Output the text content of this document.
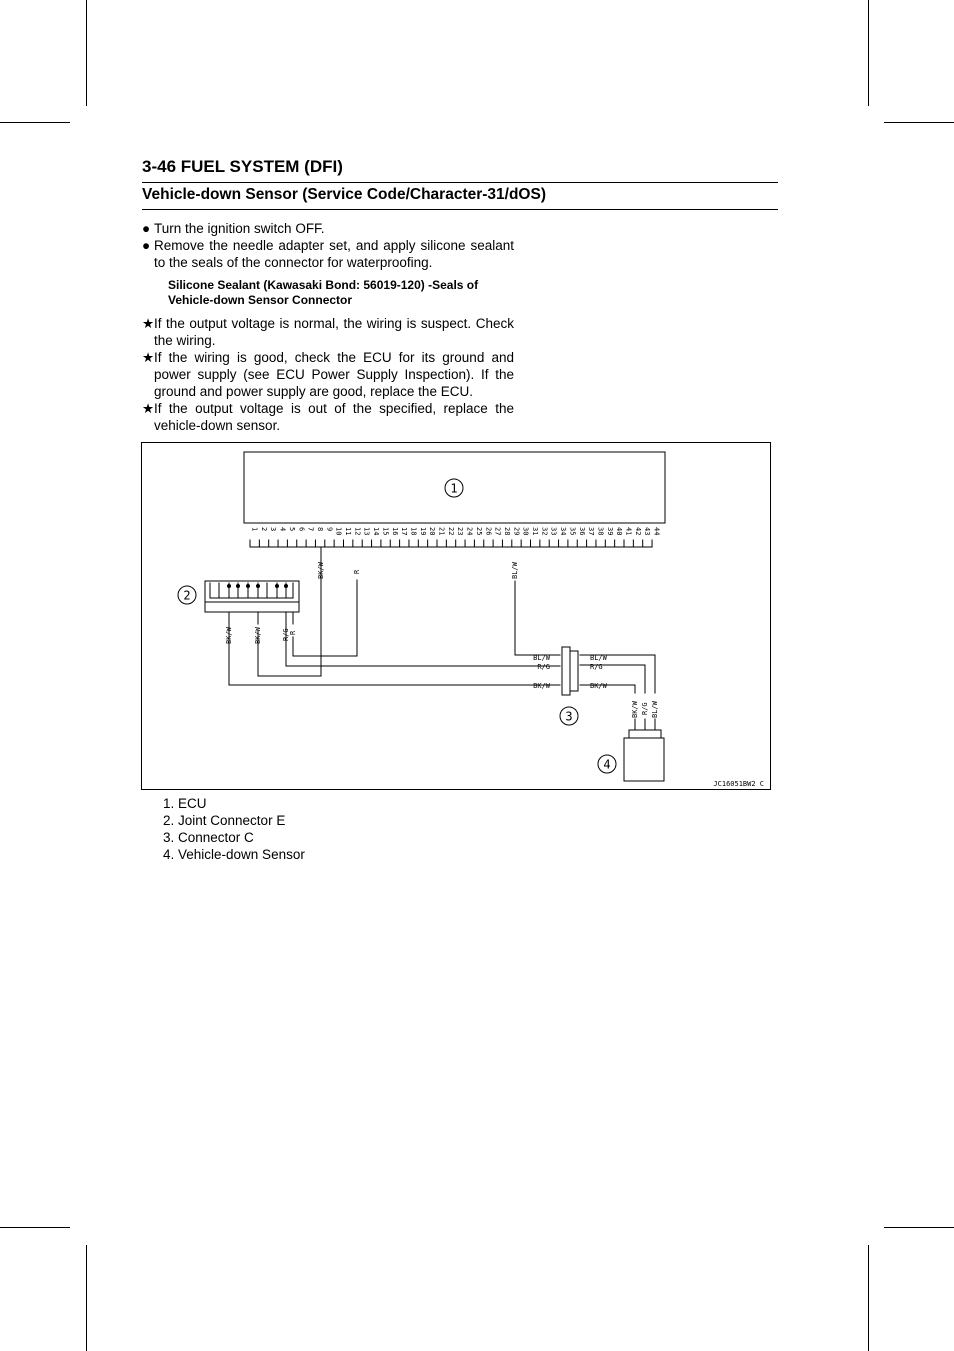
3-46 FUEL SYSTEM (DFI)
Vehicle-down Sensor (Service Code/Character-31/dOS)
● Turn the ignition switch OFF.
● Remove the needle adapter set, and apply silicone sealant to the seals of the connector for waterproofing.
Silicone Sealant (Kawasaki Bond: 56019-120) -Seals of Vehicle-down Sensor Connector
★ If the output voltage is normal, the wiring is suspect. Check the wiring.
★ If the wiring is good, check the ECU for its ground and power supply (see ECU Power Supply Inspection). If the ground and power supply are good, replace the ECU.
★ If the output voltage is out of the specified, replace the vehicle-down sensor.
1
1 2 3 4 5 6 7 8 9 10 11 12 13 14 15 16 17 18 19 20 21 22 23 24 25 26 27 28 29 30 31 32 33 34 35 36 37 38 39 40 41 42 43 44
BK/W	R	BL/W
2
BK/W	BK/W	R/G R
BL/W
R/G
BK/W
BL/W
R/G
BK/W
3	BK/W R/G BL/W
4
JC16051BW2 C
1. ECU
2. Joint Connector E
3. Connector C
4. Vehicle-down Sensor
